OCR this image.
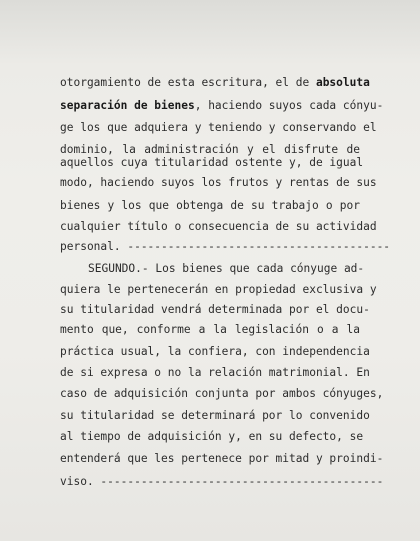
otorgamiento de esta escritura, el de absoluta

separación de bienes, haciendo suyos cada cónyu-

ge los que adquiera y teniendo y conservando el

dominio, la administración y el disfrute de

aquellos cuya titularidad ostente y, de igual

modo, haciendo suyos los frutos y rentas de sus

bienes y los que obtenga de su trabajo o por

cualquier título o consecuencia de su actividad

personal. ---------------------------------------

SEGUNDO.- Los bienes que cada cónyuge ad-

quiera le pertenecerán en propiedad exclusiva y

su titularidad vendrá determinada por el docu-

mento que, conforme a la legislación o a la

práctica usual, la confiera, con independencia

de si expresa o no la relación matrimonial. En

caso de adquisición conjunta por ambos cónyuges,

su titularidad se determinará por lo convenido

al tiempo de adquisición y, en su defecto, se

entenderá que les pertenece por mitad y proindi-

viso. ------------------------------------------
